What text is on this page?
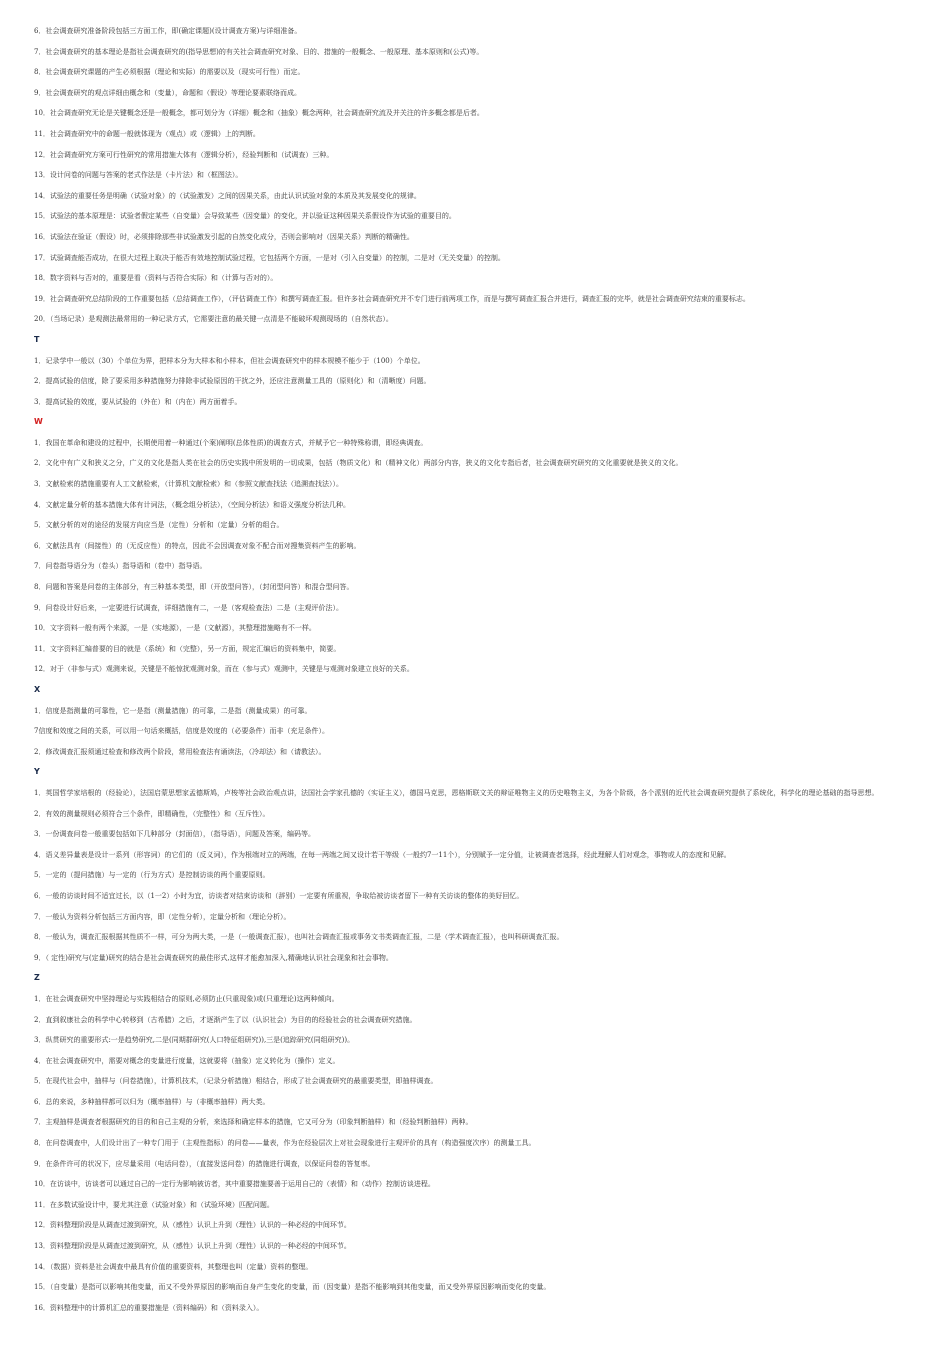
6．社会调查研究准备阶段包括三方面工作，即(确定课题)(设计调查方案)与详细准备。
7．社会调查研究的基本理论是指社会调查研究的(指导思想)的有关社会调查研究对象、目的、措施的一般概念、一般原理、基本原则和(公式)等。
8．社会调查研究课题的产生必须根据（理论和实际）的需要以及（现实可行性）而定。
9．社会调查研究的观点详细由概念和（变量），命题和（假设）等理论要素联络而成。
10．社会调查研究无论是关键概念还是一般概念，都可划分为（详细）概念和（抽象）概念两种，社会调查研究流及并关注的许多概念都是后者。
11．社会调查研究中的命题一般就体现为（观点）或（逻辑）上的判断。
12．社会调查研究方案可行性研究的常用措施大体有（逻辑分析），经验判断和（试调查）三种。
13．设计问卷的问题与答案的老式作法是（卡片法）和（框图法）。
14．试验法的重要任务是明确（试验对象）的（试验激发）之间的因果关系，由此认识试验对象的本质及其发展变化的规律。
15．试验法的基本原理是：试验者假定某些（自变量）会导致某些（因变量）的变化，并以验证这种因果关系假设作为试验的重要目的。
16．试验法在验证（假设）时，必须排除那些非试验激发引起的自然变化成分，否则会影响对（因果关系）判断的精确性。
17．试验调查能否成功，在很大过程上取决于能否有效地控制试验过程，它包括两个方面，一是对（引入自变量）的控制，二是对（无关变量）的控制。
18．数字资料与否对的，重要是看（资料与否符合实际）和（计算与否对的）。
19．社会调查研究总结阶段的工作重要包括（总结调查工作），（评估调查工作）和撰写调查汇报。但许多社会调查研究并不专门进行前两项工作，而是与撰写调查汇报合并进行，调查汇报的完毕，就是社会调查研究结束的重要标志。
20．（当场记录）是观测法最常用的一种记录方式，它需要注意的最关键一点清是不能破坏观测现场的（自然状态）。
T
1．记录学中一般以（30）个单位为界，把样本分为大样本和小样本，但社会调查研究中的样本规模不能少于（100）个单位。
2．提高试验的信度，除了要采用多种措施努力排除非试验原因的干扰之外，还应注意测量工具的（原则化）和（清晰度）问题。
3．提高试验的效度，要从试验的（外在）和（内在）两方面着手。
W
1．我国在革命和建设的过程中，长期使用着一种通过(个案)阐明(总体性质)的调查方式，并赋予它一种特殊称谓，即经典调查。
2．文化中有广义和狭义之分，广义的文化是指人类在社会的历史实践中所发明的一切成果，包括（物质文化）和（精神文化）两部分内容，狭义的文化专指后者，社会调查研究研究的文化重要就是狭义的文化。
3．文献检索的措施重要有人工文献检索，（计算机文献检索）和（参照文献查找法（追溯查找法））。
4．文献定量分析的基本措施大体有计词法，（概念组分析法），（空间分析法）和语义强度分析法几种。
5．文献分析的对的途径的发展方向应当是（定性）分析和（定量）分析的组合。
6．文献法具有（间接性）的（无反应性）的特点，因此不会因调查对象不配合而对搜集资料产生的影响。
7．问卷指导语分为（卷头）指导语和（卷中）指导语。
8．问题和答案是问卷的主体部分，有三种基本类型，即（开放型问答），（封闭型问答）和混合型问答。
9．问卷设计好后来，一定要进行试调查，详细措施有二，一是（客观检查法）二是（主观评价法）。
10．文字资料一般有两个来源，一是（实地源），一是（文献源），其整理措施略有不一样。
11．文字资料汇编普要的目的就是（系统）和（完整），另一方面，规定汇编后的资料集中，简要。
12．对于（非参与式）观测来说，关键是不能惊扰观测对象，而在（参与式）观测中，关键是与观测对象建立良好的关系。
X
1．信度是指测量的可靠性，它一是指（测量措施）的可靠，二是指（测量成果）的可靠。
7信度和效度之间的关系，可以用一句话来概括，信度是效度的（必要条件）而非（充足条件）。
2．修改调查汇报须通过检查和修改两个阶段，常用检查法有诵读法，（冷却法）和（请教法）。
Y
1．英国哲学家培根的（经验论），法国启蒙思想家孟德斯鸠，卢梭等社会政治观点讲，法国社会学家孔德的（实证主义），德国马克思，恩格斯联文关的辩证唯物主义的历史唯物主义，为各个阶级，各个派别的近代社会调查研究提供了系统化，科学化的理论基础的指导思想。
2．有效的测量规则必须符合三个条件，即精确性，（完整性）和（互斥性）。
3．一份调查问卷一般重要包括如下几种部分（封面信），（指导语），问题及答案，编码等。
4．语义差异量表是设计一系列（形容词）的它们的（反义词），作为根端对立的两端，在每一两端之间又设计若干等级（一般约7一11个），分别赋予一定分值，让被调查者选择，经此理解人们对观念，事物或人的态度和见解。
5．一定的（提问措施）与一定的（行为方式）是控制访谈的两个重要原则。
6．一般的访谈时间不适宜过长，以（1一2）小时为宜，访谈者对结束访谈和（辞别）一定要有所重视，争取给被访谈者留下一种有关访谈的整体的美好回忆。
7．一般认为资料分析包括三方面内容，即（定性分析），定量分析和（理论分析）。
8．一般认为，调查汇报根据其性质不一样，可分为两大类，一是（一般调查汇报），也叫社会调查汇报或事务文书类调查汇报，二是（学术调查汇报），也叫科研调查汇报。
9．（ 定性)研究与(定量)研究的结合是社会调查研究的最佳形式,这样才能愈加深入,精确地认识社会现象和社会事物。
Z
1．在社会调查研究中坚持理论与实践相结合的原则,必须防止(只重现象)或(只重理论)这两种倾向。
2．直到叙康社会的科学中心转移到（古希腊）之后，才逐渐产生了以（认识社会）为目的的经验社会的社会调查研究措施。
3．纵贯研究的重要形式:一是趋势研究,二是(同期群研究(人口特征组研究)),三是(追踪研究(同组研究))。
4．在社会调查研究中，需要对概念的变量进行度量，这就要将（抽象）定义转化为（操作）定义。
5．在现代社会中，抽样与（问卷措施），计算机技术，（记录分析措施）相结合，形成了社会调查研究的最重要类型，即抽样调查。
6．总的来说，多种抽样都可以归为（概率抽样）与（非概率抽样）两大类。
7．主观抽样是调查者根据研究的目的和自己主观的分析，来选择和确定样本的措施，它又可分为（印象判断抽样）和（经验判断抽样）两种。
8．在问卷调查中，人们设计出了一种专门用于（主观性指标）的问卷——量表，作为在经验层次上对社会现象进行主观评价的具有（构造强度次序）的测量工具。
9．在条件许可的状况下，应尽量采用（电话问卷），（直接发送问卷）的措施进行调查，以保证问卷的答复率。
10．在访谈中，访谈者可以通过自己的一定行为影响被访者，其中重要措施要善于运用自己的（表情）和（动作）控制访谈进程。
11．在多数试验设计中，要尤其注意（试验对象）和（试验环境）匹配问题。
12．资料整理阶段是从调查过渡到研究，从（感性）认识上升到（理性）认识的一种必经的中间环节。
13．资料整理阶段是从调查过渡到研究，从（感性）认识上升到（理性）认识的一种必经的中间环节。
14．（数据）资料是社会调查中最具有价值的重要资料，其整理也叫（定量）资料的整理。
15．（自变量）是指可以影响其他变量，而又不受外界原因的影响而自身产生变化的变量，而（因变量）是指不能影响到其他变量，而又受外界原因影响而变化的变量。
16．资料整理中的计算机汇总的重要措施是（资料编码）和（资料录入）。
